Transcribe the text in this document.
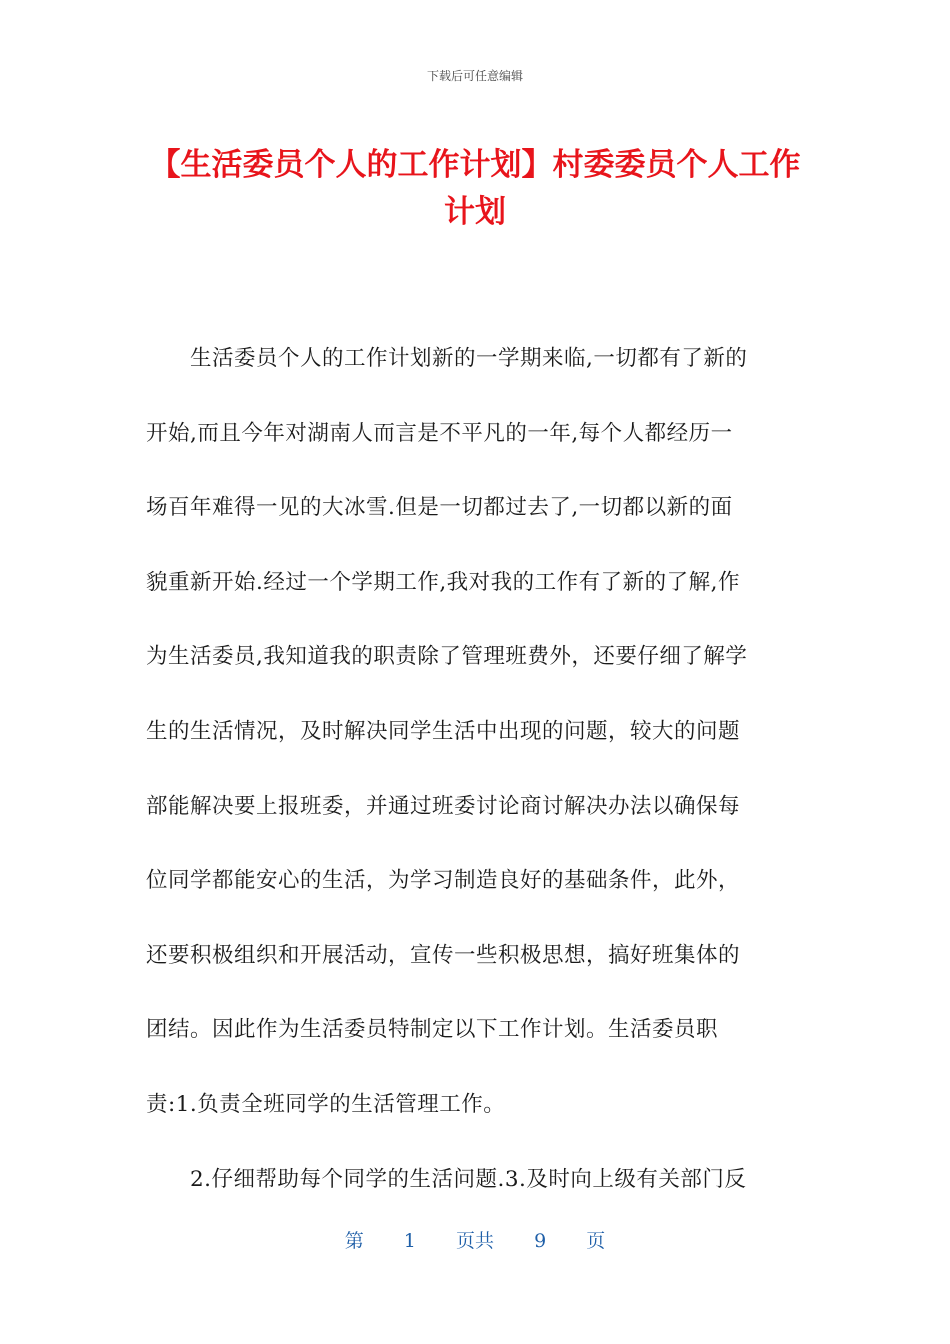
下载后可任意编辑
【生活委员个人的工作计划】村委委员个人工作计划
生活委员个人的工作计划新的一学期来临,一切都有了新的
开始,而且今年对湖南人而言是不平凡的一年,每个人都经历一
场百年难得一见的大冰雪.但是一切都过去了,一切都以新的面
貌重新开始.经过一个学期工作,我对我的工作有了新的了解,作
为生活委员,我知道我的职责除了管理班费外，还要仔细了解学
生的生活情况，及时解决同学生活中出现的问题，较大的问题
部能解决要上报班委，并通过班委讨论商讨解决办法以确保每
位同学都能安心的生活，为学习制造良好的基础条件，此外，
还要积极组织和开展活动，宣传一些积极思想，搞好班集体的
团结。因此作为生活委员特制定以下工作计划。生活委员职
责:1.负责全班同学的生活管理工作。
2.仔细帮助每个同学的生活问题.3.及时向上级有关部门反
第 1 页共 9 页
